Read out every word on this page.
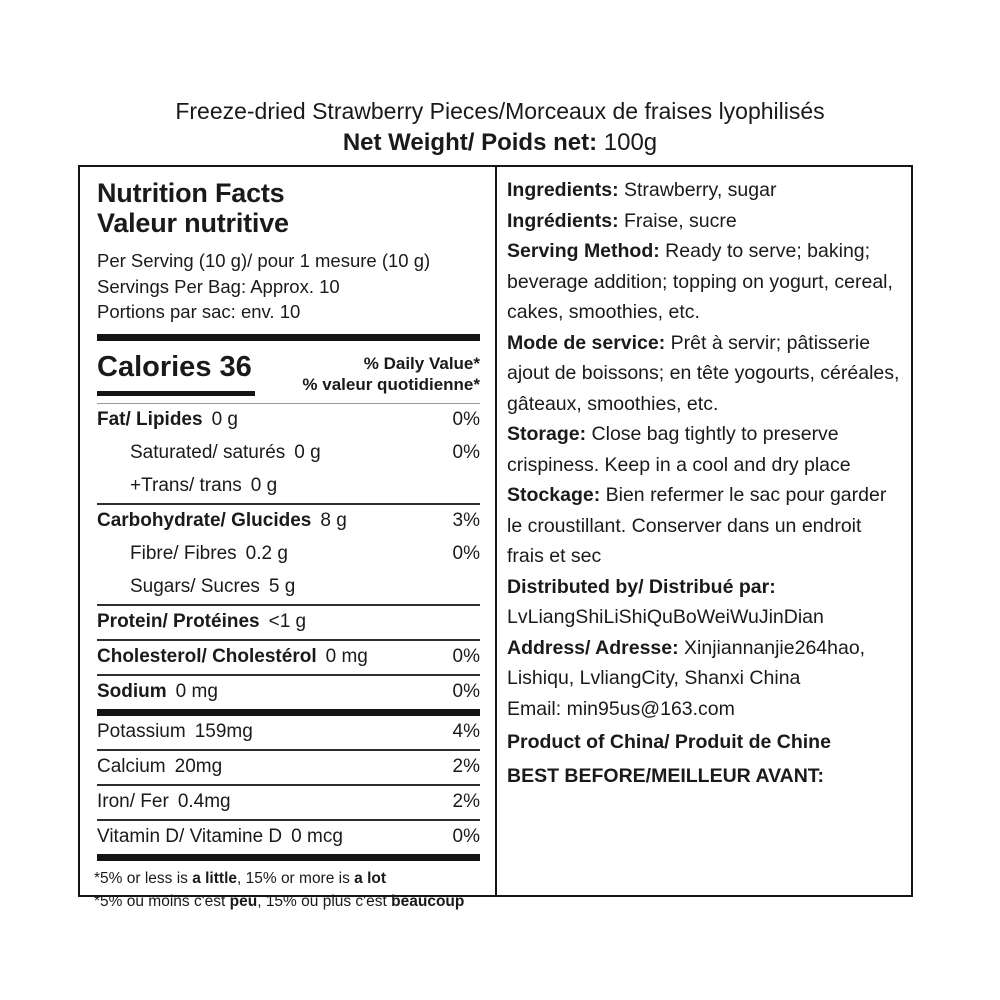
Freeze-dried Strawberry Pieces/Morceaux de fraises lyophilisés
Net Weight/ Poids net: 100g
Nutrition Facts
Valeur nutritive

Per Serving (10 g)/ pour 1 mesure (10 g)

Servings Per Bag: Approx. 10

Portions par sac: env. 10

Calories 36	% Daily Value*
% valeur quotidienne*
Fat/ Lipides 0 g	0%
Saturated/ saturés 0 g	0%
+Trans/ trans 0 g
Carbohydrate/ Glucides 8 g	3%
Fibre/ Fibres 0.2 g	0%
Sugars/ Sucres 5 g
Protein/ Protéines <1 g
Cholesterol/ Cholestérol 0 mg	0%
Sodium 0 mg	0%
Potassium 159mg	4%
Calcium 20mg	2%
Iron/ Fer 0.4mg	2%
Vitamin D/ Vitamine D 0 mcg	0%

*5% or less is a little, 15% or more is a lot

*5% ou moins c'est peu, 15% ou plus c'est beaucoup

Ingredients: Strawberry, sugar

Ingrédients: Fraise, sucre

Serving Method: Ready to serve; baking; beverage addition; topping on yogurt, cereal, cakes, smoothies, etc.

Mode de service: Prêt à servir; pâtisserie ajout de boissons; en tête yogourts, céréales, gâteaux, smoothies, etc.

Storage: Close bag tightly to preserve crispiness. Keep in a cool and dry place

Stockage: Bien refermer le sac pour garder le croustillant. Conserver dans un endroit frais et sec

Distributed by/ Distribué par:
LvLiangShiLiShiQuBoWeiWuJinDian

Address/ Adresse: Xinjiannanjie264hao, Lishiqu, LvliangCity, Shanxi China

Email: min95us@163.com

Product of China/ Produit de Chine

BEST BEFORE/MEILLEUR AVANT:
